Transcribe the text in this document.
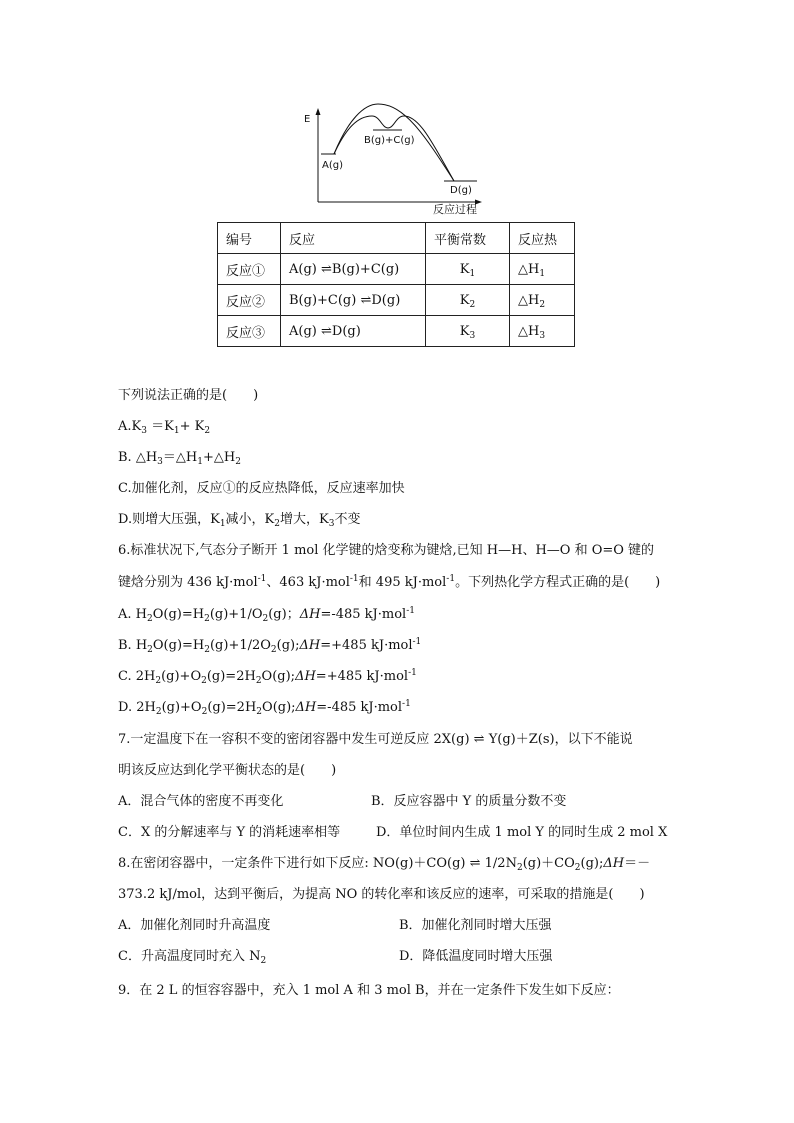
E
反应过程
A(g)
B(g)+C(g)
D(g)
编号	反应	平衡常数	反应热
反应①	A(g) ⇌B(g)+C(g)	$K_1$	$\triangle H_1$
反应②	B(g)+C(g) ⇌D(g)	$K_2$	$\triangle H_2$
反应③	A(g) ⇌D(g)	$K_3$	$\triangle H_3$
下列说法正确的是(　　)
$A.K_3 =K_1+ K_2$
B. $\triangle H_3=\triangle H_1+\triangle H_2$
C.加催化剂，反应①的反应热降低，反应速率加快
D.则增大压强，$K_1$减小，$K_2$增大，$K_3$不变
6.标准状况下,气态分子断开 1 mol 化学键的焓变称为键焓,已知 H—H、H—O 和 O=O 键的
键焓分别为 436 kJ·mol$^{-1}$、463 kJ·mol$^{-1}$和 495 kJ·mol$^{-1}$。下列热化学方程式正确的是(　　)
A. $H_2O(g)=H_2(g)+1/O_2(g)$；ΔH=-485 kJ·mol$^{-1}$
B. $H_2O(g)=H_2(g)+1/2O_2(g);\Delta H=+485$ kJ·mol$^{-1}$
C. $2H_2(g)+O_2(g)=2H_2O(g);\Delta H=+485$ kJ·mol$^{-1}$
D. $2H_2(g)+O_2(g)=2H_2O(g);\Delta H=-485$ kJ·mol$^{-1}$
7.一定温度下在一容积不变的密闭容器中发生可逆反应 2X(g) ⇌ Y(g)＋Z(s)，以下不能说
明该反应达到化学平衡状态的是(　　)
A．混合气体的密度不再变化	B．反应容器中 Y 的质量分数不变
C．X 的分解速率与 Y 的消耗速率相等	D．单位时间内生成 1 mol Y 的同时生成 2 mol X
8.在密闭容器中，一定条件下进行如下反应: NO(g)＋CO(g) ⇌ $1/2N_2(g)+CO_2(g);\Delta H=-$
373.2 kJ/mol，达到平衡后，为提高 NO 的转化率和该反应的速率，可采取的措施是(　　)
A．加催化剂同时升高温度	B．加催化剂同时增大压强
C．升高温度同时充入 $N_2$	D．降低温度同时增大压强
9．在 2 L 的恒容容器中，充入 1 mol A 和 3 mol B，并在一定条件下发生如下反应：
